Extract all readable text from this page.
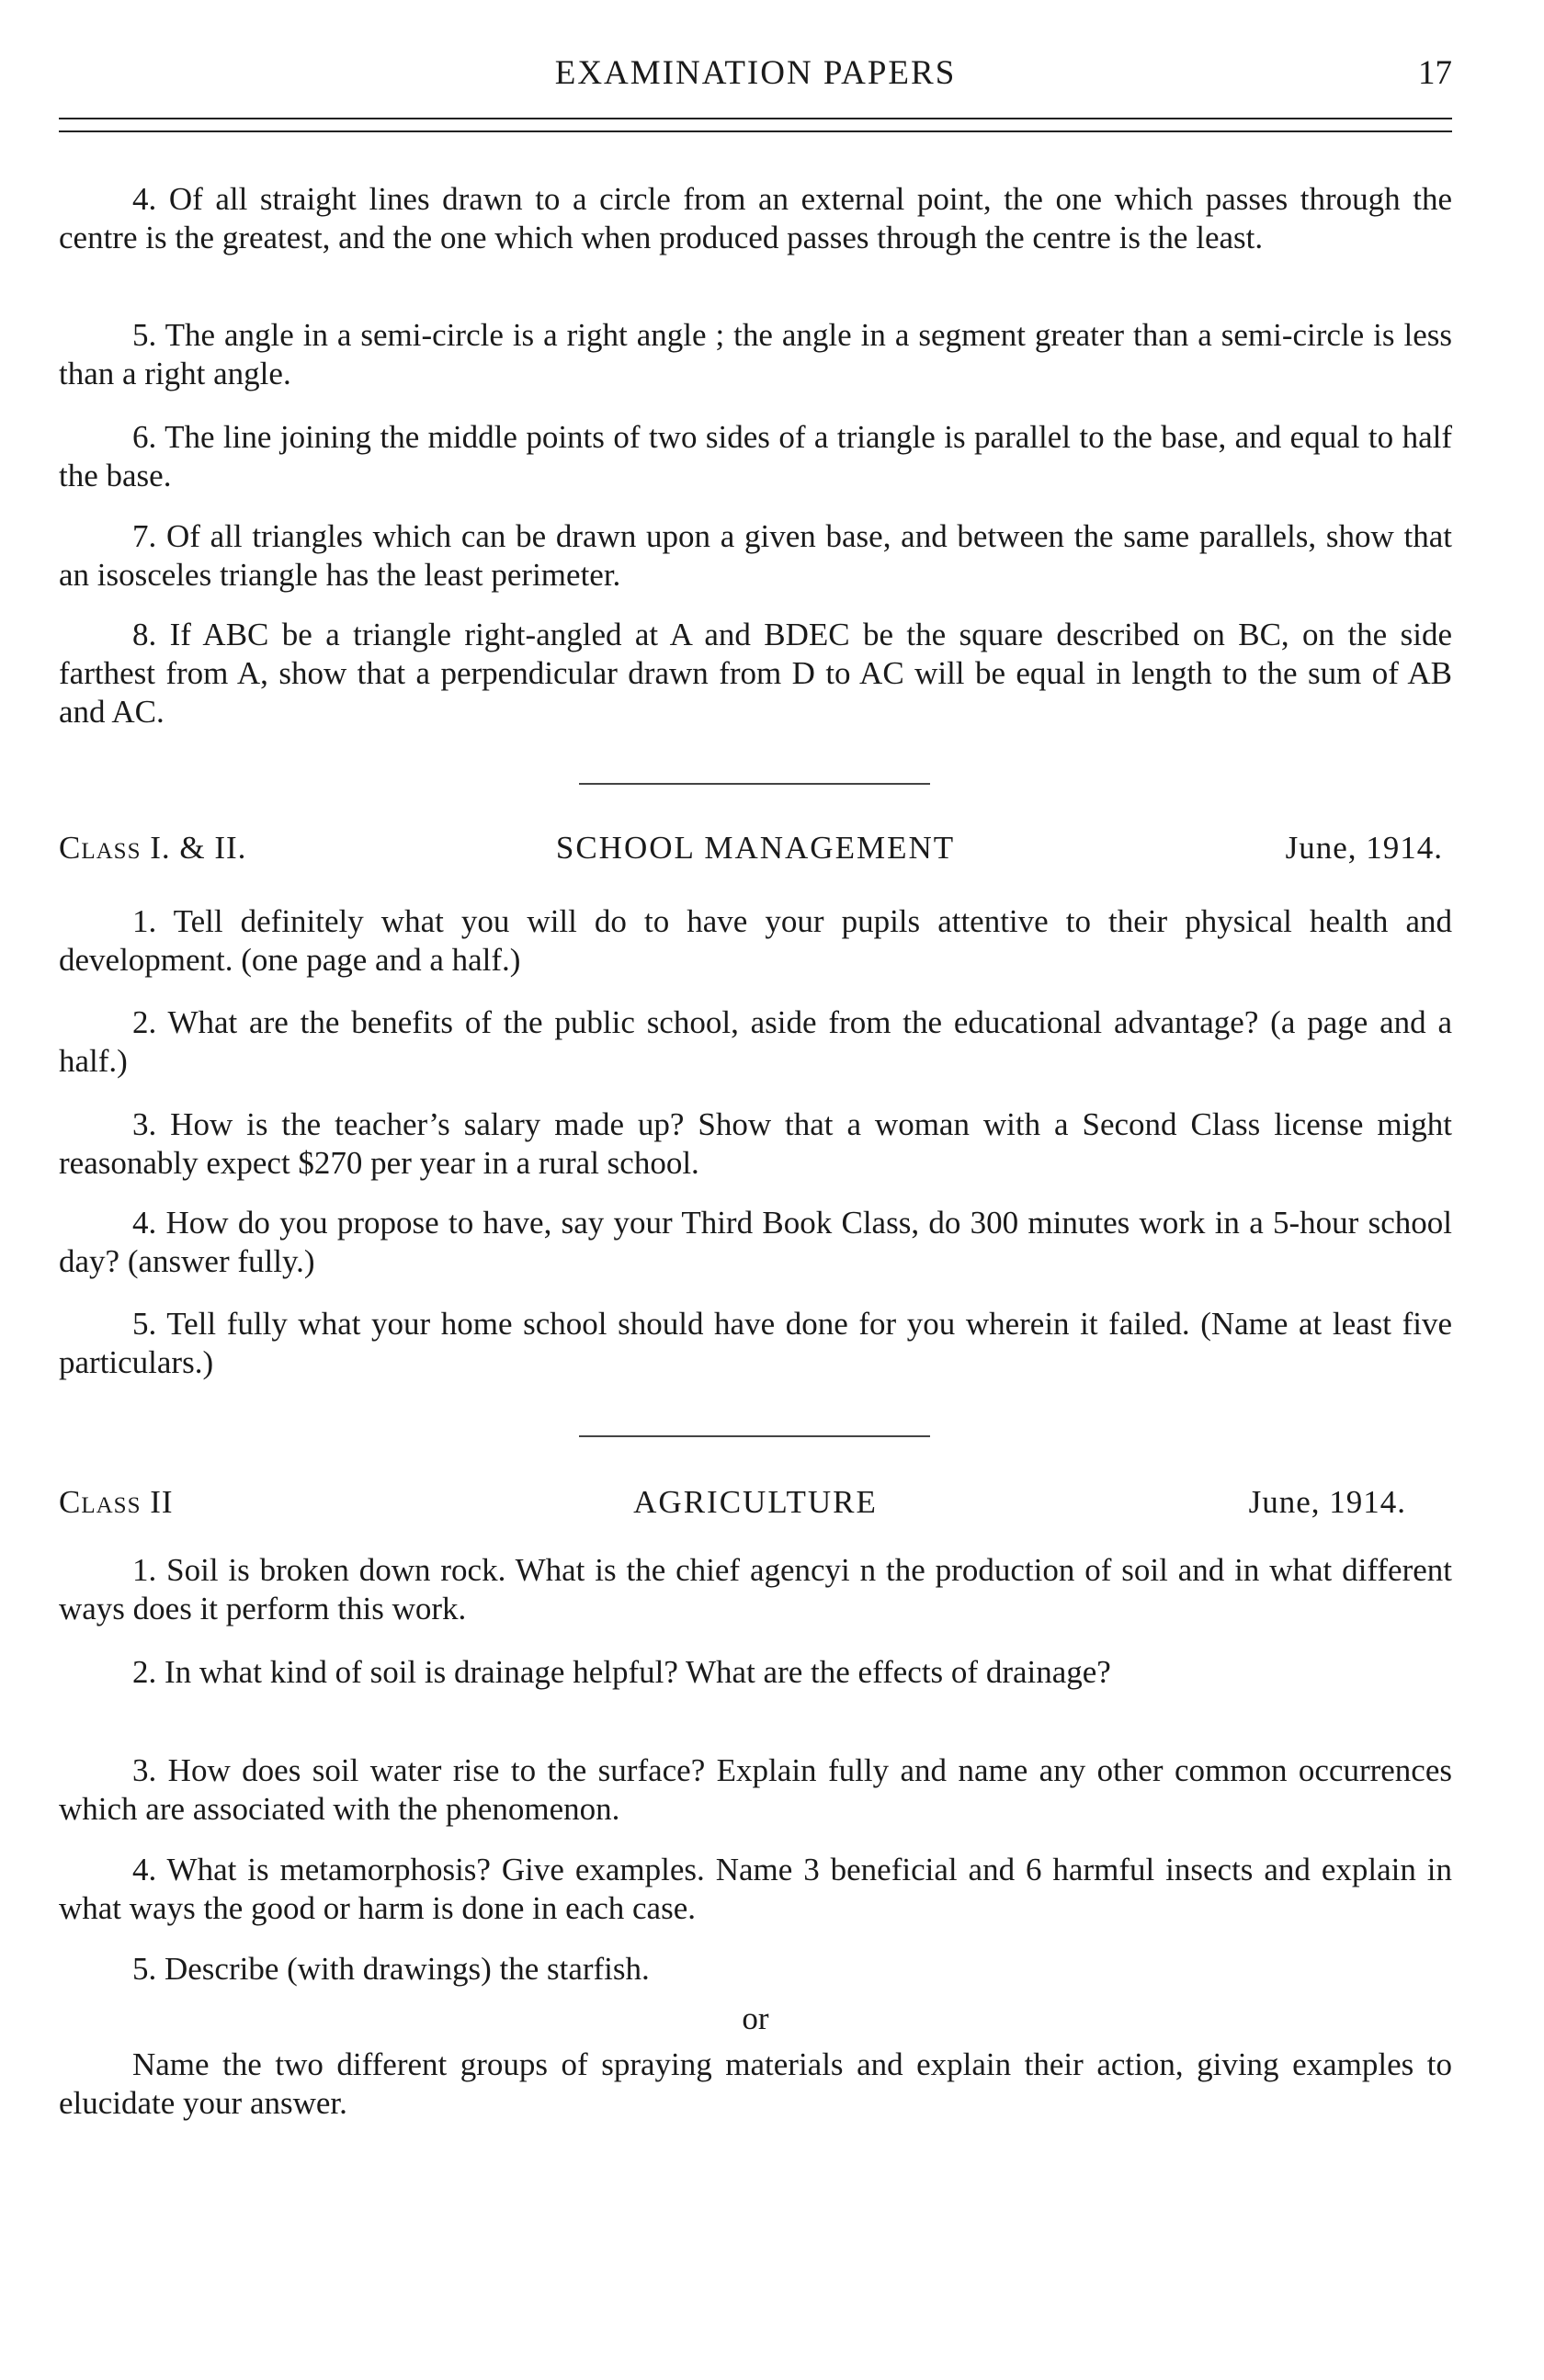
EXAMINATION PAPERS	17

4. Of all straight lines drawn to a circle from an external point, the one which passes through the centre is the greatest, and the one which when produced passes through the centre is the least.

5. The angle in a semi-circle is a right angle ; the angle in a segment greater than a semi-circle is less than a right angle.

6. The line joining the middle points of two sides of a triangle is parallel to the base, and equal to half the base.

7. Of all triangles which can be drawn upon a given base, and between the same parallels, show that an isosceles triangle has the least perimeter.

8. If ABC be a triangle right-angled at A and BDEC be the square described on BC, on the side farthest from A, show that a perpendicular drawn from D to AC will be equal in length to the sum of AB and AC.

Class I. & II.	SCHOOL MANAGEMENT	June, 1914.

1. Tell definitely what you will do to have your pupils attentive to their physical health and development. (one page and a half.)

2. What are the benefits of the public school, aside from the educational advantage? (a page and a half.)

3. How is the teacher’s salary made up? Show that a woman with a Second Class license might reasonably expect $270 per year in a rural school.

4. How do you propose to have, say your Third Book Class, do 300 minutes work in a 5-hour school day? (answer fully.)

5. Tell fully what your home school should have done for you wherein it failed. (Name at least five particulars.)

Class II	AGRICULTURE	June, 1914.

1. Soil is broken down rock. What is the chief agencyi n the production of soil and in what different ways does it perform this work.

2. In what kind of soil is drainage helpful? What are the effects of drainage?

3. How does soil water rise to the surface? Explain fully and name any other common occurrences which are associated with the phenomenon.

4. What is metamorphosis? Give examples. Name 3 beneficial and 6 harmful insects and explain in what ways the good or harm is done in each case.

5. Describe (with drawings) the starfish.

or

Name the two different groups of spraying materials and explain their action, giving examples to elucidate your answer.
